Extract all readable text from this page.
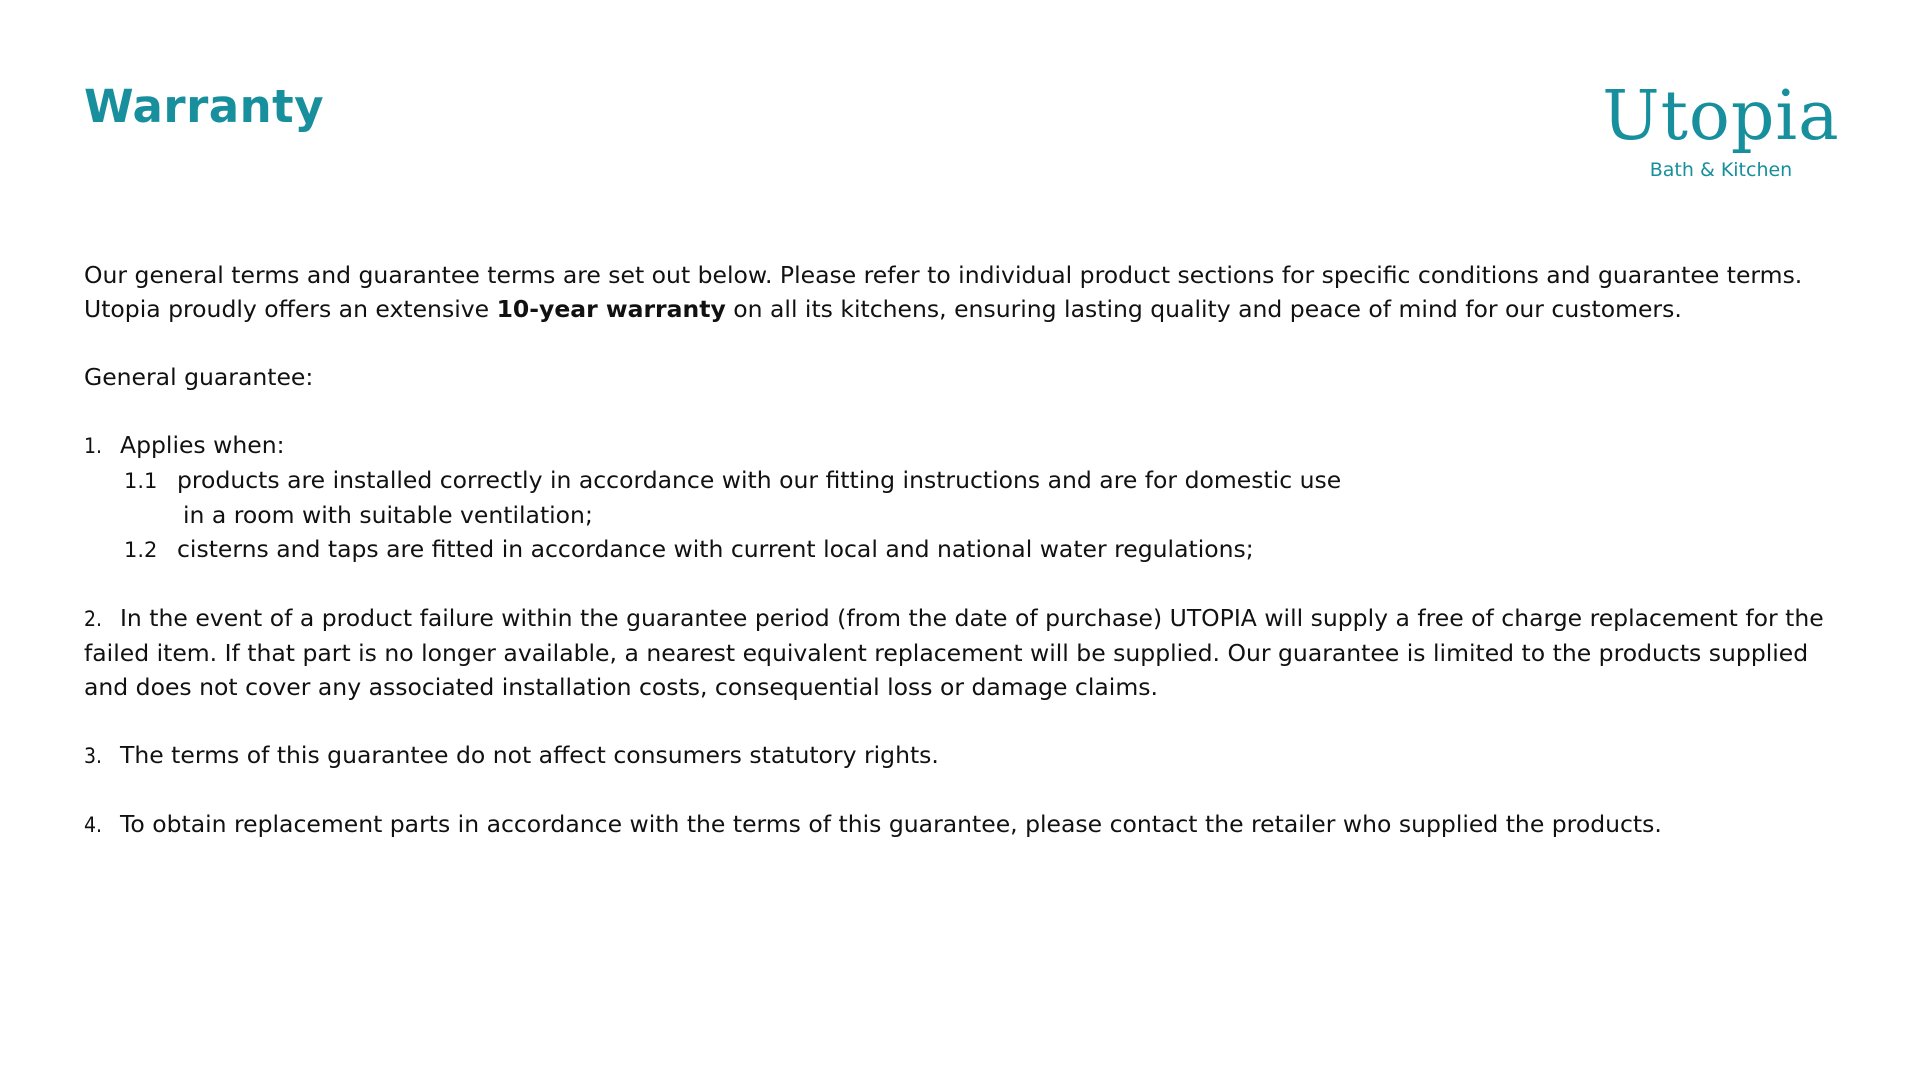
Warranty	Utopia
Bath & Kitchen

Our general terms and guarantee terms are set out below. Please refer to individual product sections for specific conditions and guarantee terms. Utopia proudly offers an extensive 10-year warranty on all its kitchens, ensuring lasting quality and peace of mind for our customers.

General guarantee:

1. Applies when:

1.1 products are installed correctly in accordance with our fitting instructions and are for domestic use

in a room with suitable ventilation;

1.2 cisterns and taps are fitted in accordance with current local and national water regulations;

2. In the event of a product failure within the guarantee period (from the date of purchase) UTOPIA will supply a free of charge replacement for the failed item. If that part is no longer available, a nearest equivalent replacement will be supplied. Our guarantee is limited to the products supplied and does not cover any associated installation costs, consequential loss or damage claims.

3. The terms of this guarantee do not affect consumers statutory rights.

4. To obtain replacement parts in accordance with the terms of this guarantee, please contact the retailer who supplied the products.
